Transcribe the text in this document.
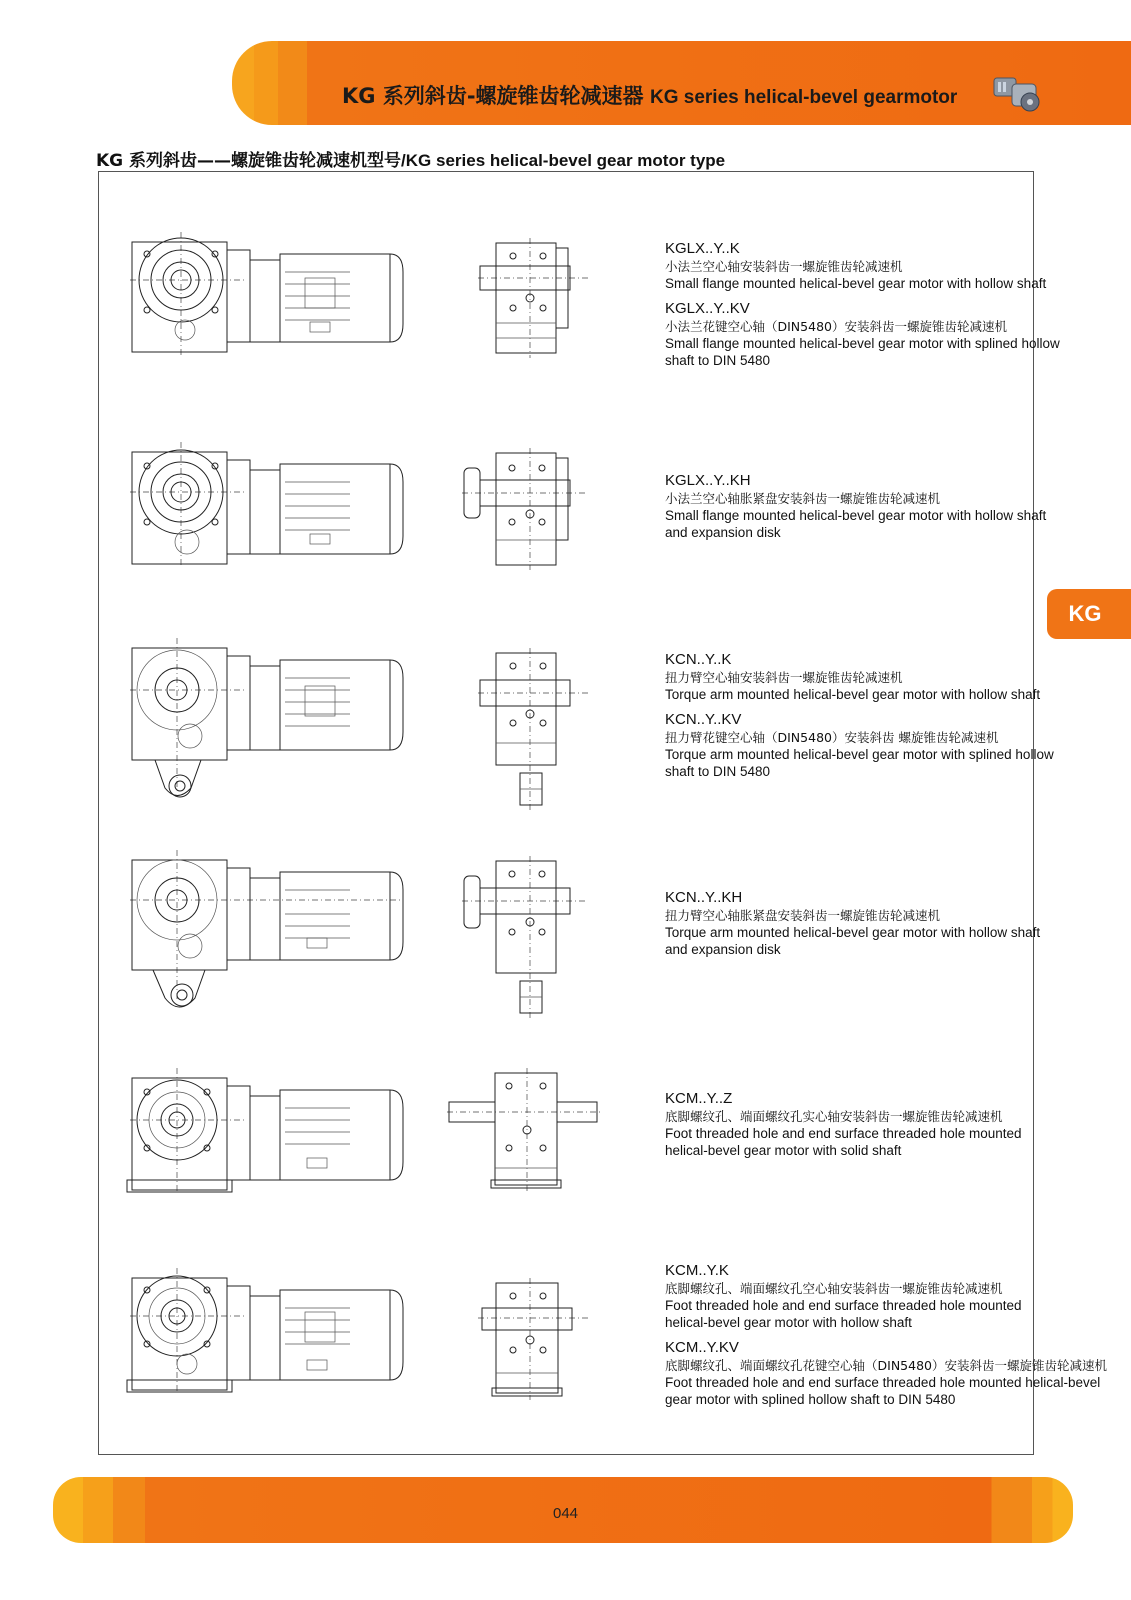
KG 系列斜齿-螺旋锥齿轮减速器 KG series helical-bevel gearmotor
KG 系列斜齿——螺旋锥齿轮减速机型号/KG series helical-bevel gear motor type
KG
KGLX..Y..K
小法兰空心轴安装斜齿一螺旋锥齿轮减速机
Small flange mounted helical-bevel gear motor with hollow shaft
KGLX..Y..KV
小法兰花键空心轴（DIN5480）安装斜齿一螺旋锥齿轮减速机
Small flange mounted helical-bevel gear motor with splined hollow
shaft to DIN 5480
KGLX..Y..KH
小法兰空心轴胀紧盘安装斜齿一螺旋锥齿轮减速机
Small flange mounted helical-bevel gear motor with hollow shaft
and expansion disk
KCN..Y..K
扭力臂空心轴安装斜齿一螺旋锥齿轮减速机
Torque arm mounted helical-bevel gear motor with hollow shaft
KCN..Y..KV
扭力臂花键空心轴（DIN5480）安装斜齿 螺旋锥齿轮减速机
Torque arm mounted helical-bevel gear motor with splined hollow
shaft to DIN 5480
KCN..Y..KH
扭力臂空心轴胀紧盘安装斜齿一螺旋锥齿轮减速机
Torque arm mounted helical-bevel gear motor with hollow shaft
and expansion disk
KCM..Y..Z
底脚螺纹孔、端面螺纹孔实心轴安装斜齿一螺旋锥齿轮减速机
Foot threaded hole and end surface threaded hole mounted
helical-bevel gear motor with solid shaft
KCM..Y.K
底脚螺纹孔、端面螺纹孔空心轴安装斜齿一螺旋锥齿轮减速机
Foot threaded hole and end surface threaded hole mounted
helical-bevel gear motor with hollow shaft
KCM..Y.KV
底脚螺纹孔、端面螺纹孔花键空心轴（DIN5480）安装斜齿一螺旋锥齿轮减速机
Foot threaded hole and end surface threaded hole mounted helical-bevel
gear motor with splined hollow shaft to DIN 5480
044
